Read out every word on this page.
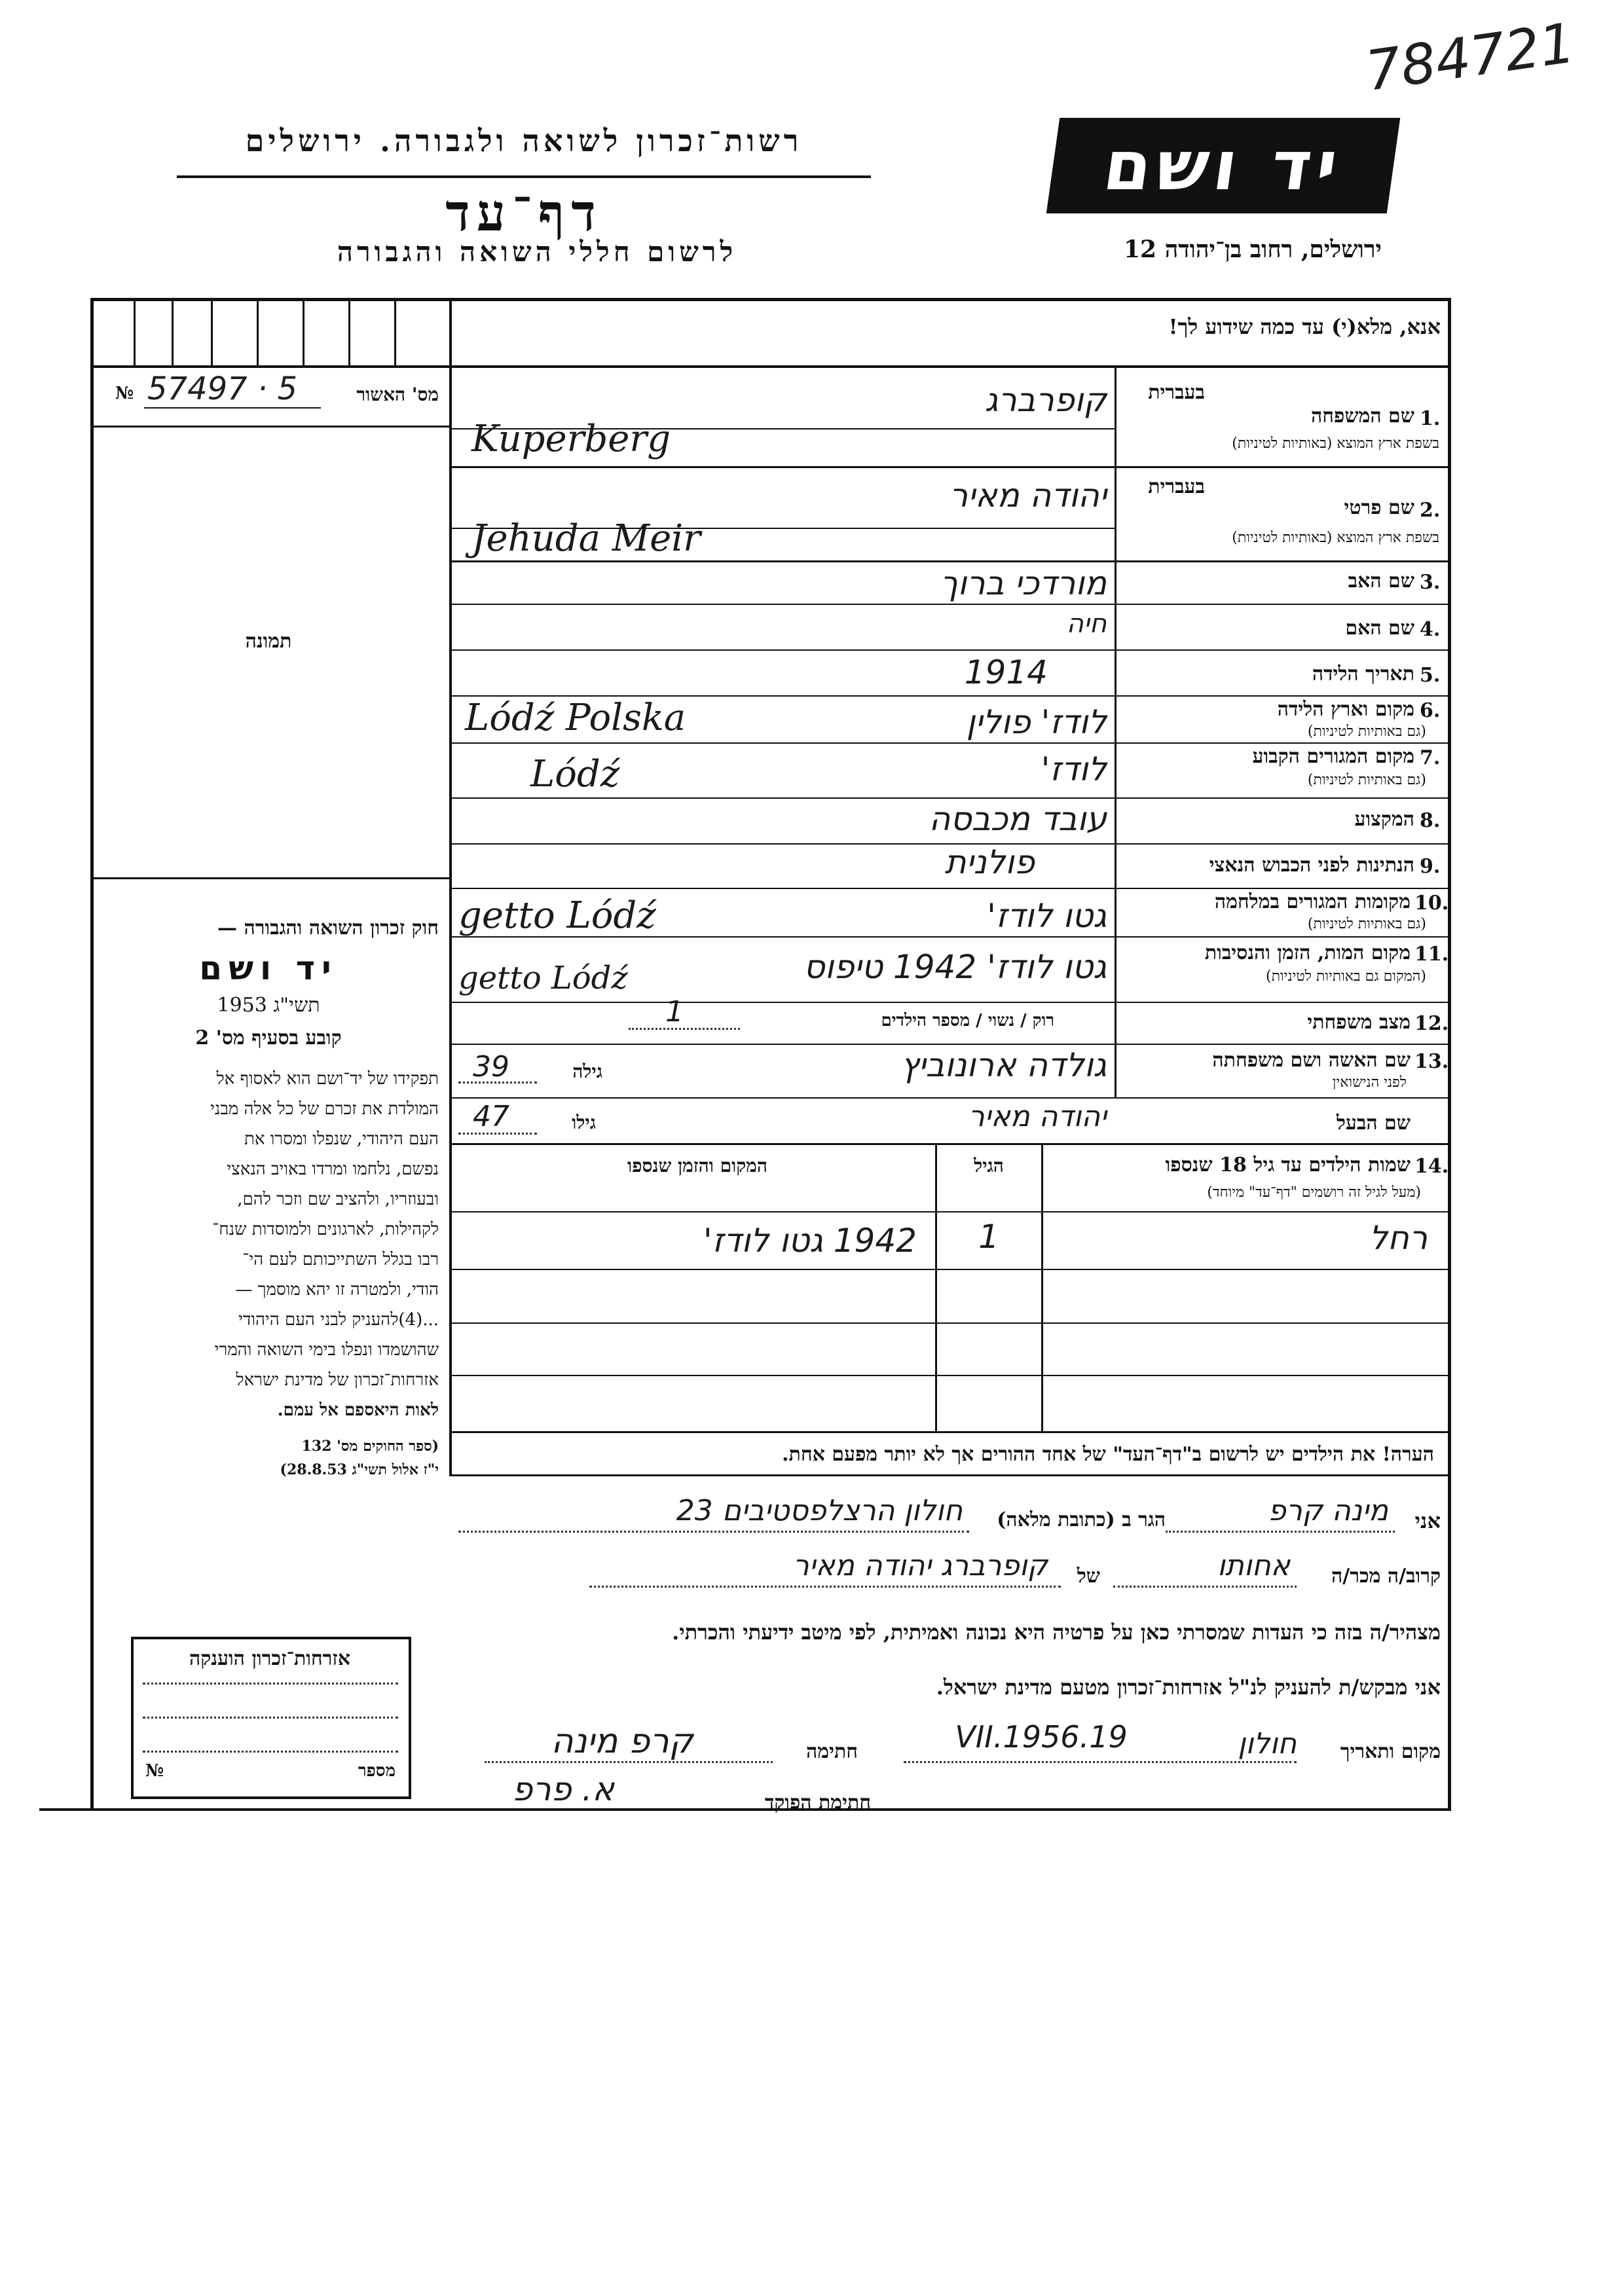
784721
רשות־זכרון לשואה ולגבורה. ירושלים
דף־עד
לרשום חללי השואה והגבורה
יד ושם
ירושלים, רחוב בן־יהודה 12
אנא, מלא(י) עד כמה שידוע לך!
№ 57497 · 5	מס' האשור
תמונה
חוק זכרון השואה והגבורה —
יד ושם
תשי"ג 1953
קובע בסעיף מס' 2
תפקידו של יד־ושם הוא לאסוף אל
המולדת את זכרם של כל אלה מבני
העם היהודי, שנפלו ומסרו את
נפשם, נלחמו ומרדו באויב הנאצי
ובעוזריו, ולהציב שם וזכר להם,
לקהילות, לארגונים ולמוסדות שנח־
רבו בגלל השתייכותם לעם הי־
הודי, ולמטרה זו יהא מוסמך —
...(4)להעניק לבני העם היהודי
שהושמדו ונפלו בימי השואה והמרי
אזרחות־זכרון של מדינת ישראל
לאות היאספם אל עמם.
(ספר החוקים מס' 132
י"ז אלול תשי"ג 28.8.53)
בעברית
1.
שם המשפחה
בשפת ארץ המוצא (באותיות לטיניות)
קופרברג
Kuperberg
בעברית
2.
שם פרטי
בשפת ארץ המוצא (באותיות לטיניות)
יהודה מאיר
Jehuda Meir
3.
שם האב
מורדכי ברוך
4.
שם האם
חיה
5.
תאריך הלידה
1914
6.
מקום וארץ הלידה
(גם באותיות לטיניות)
לודז' פולין
Lódź Polska
7.
מקום המגורים הקבוע
(גם באותיות לטיניות)
לודז'
Lódź
8.
המקצוע
עובד מכבסה
9.
הנתינות לפני הכבוש הנאצי
פולנית
10.
מקומות המגורים במלחמה
(גם באותיות לטיניות)
גטו לודז'
getto Lódź
11.
מקום המות, הזמן והנסיבות
(המקום גם באותיות לטיניות)
גטו לודז' 1942 טיפוס
getto Lódź
12.
מצב משפחתי
רוק / נשוי / מספר הילדים
1
13.
שם האשה ושם משפחתה
לפני הנישואין
גולדה ארונוביץ
גילה
39
שם הבעל
יהודה מאיר
גילו
47
14.
שמות הילדים עד גיל 18 שנספו
(מעל לגיל זה רושמים "דף־עד" מיוחד)
הגיל
המקום והזמן שנספו
רחל
1
1942 גטו לודז'
הערה! את הילדים יש לרשום ב"דף־העד" של אחד ההורים אך לא יותר מפעם אחת.
אני
מינה קרפ
הגר ב (כתובת מלאה)
חולון הרצלפסטיבים 23
קרוב/ה מכר/ה
אחותו
של
קופרברג יהודה מאיר
מצהיר/ה בזה כי העדות שמסרתי כאן על פרטיה היא נכונה ואמיתית, לפי מיטב ידיעתי והכרתי.
אני מבקש/ת להעניק לנ"ל אזרחות־זכרון מטעם מדינת ישראל.
מקום ותאריך
חולון
19.VII.1956
חתימה
קרפ מינה
חתימת הפוקד
א. פרפ
אזרחות־זכרון הוענקה
מספר
№
